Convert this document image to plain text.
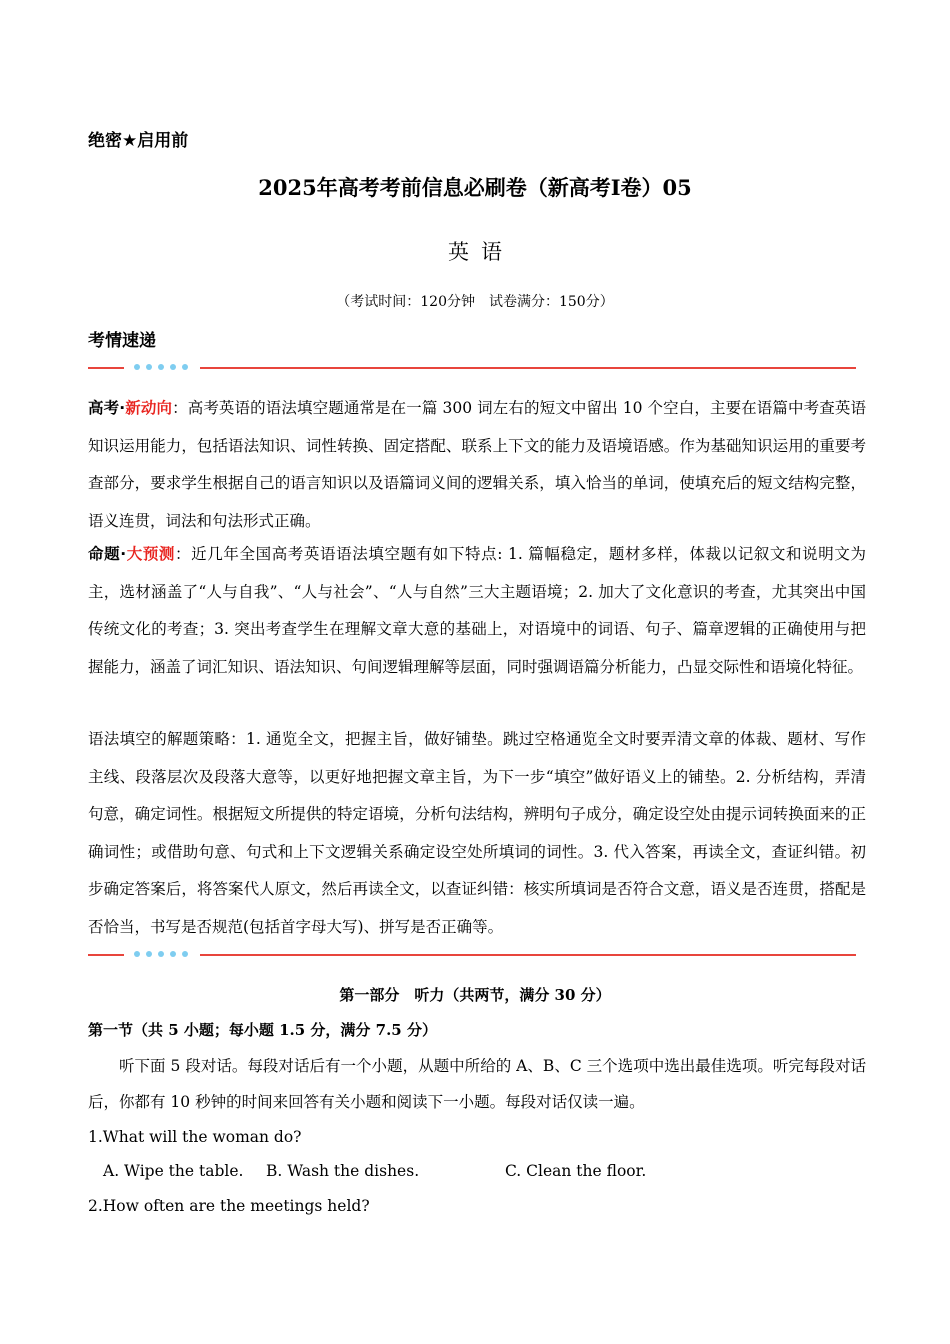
绝密★启用前
2025年高考考前信息必刷卷（新高考I卷）05
英语
（考试时间：120分钟　试卷满分：150分）
考情速递
高考·新动向：高考英语的语法填空题通常是在一篇 300 词左右的短文中留出 10 个空白，主要在语篇中考查英语知识运用能力，包括语法知识、词性转换、固定搭配、联系上下文的能力及语境语感。作为基础知识运用的重要考查部分，要求学生根据自己的语言知识以及语篇词义间的逻辑关系，填入恰当的单词，使填充后的短文结构完整，语义连贯，词法和句法形式正确。
命题·大预测：近几年全国高考英语语法填空题有如下特点: 1. 篇幅稳定，题材多样，体裁以记叙文和说明文为主，选材涵盖了“人与自我”、“人与社会”、“人与自然”三大主题语境；2. 加大了文化意识的考查，尤其突出中国传统文化的考查；3. 突出考查学生在理解文章大意的基础上，对语境中的词语、句子、篇章逻辑的正确使用与把握能力，涵盖了词汇知识、语法知识、句间逻辑理解等层面，同时强调语篇分析能力，凸显交际性和语境化特征。
语法填空的解题策略：1. 通览全文，把握主旨，做好铺垫。跳过空格通览全文时要弄清文章的体裁、题材、写作主线、段落层次及段落大意等，以更好地把握文章主旨，为下一步“填空”做好语义上的铺垫。2. 分析结构，弄清句意，确定词性。根据短文所提供的特定语境，分析句法结构，辨明句子成分，确定设空处由提示词转换面来的正确词性；或借助句意、句式和上下文逻辑关系确定设空处所填词的词性。3. 代入答案，再读全文，查证纠错。初步确定答案后，将答案代人原文，然后再读全文，以查证纠错：核实所填词是否符合文意，语义是否连贯，搭配是否恰当，书写是否规范(包括首字母大写)、拼写是否正确等。
第一部分　听力（共两节，满分 30 分）
第一节（共 5 小题；每小题 1.5 分，满分 7.5 分）
听下面 5 段对话。每段对话后有一个小题，从题中所给的 A、B、C 三个选项中选出最佳选项。听完每段对话后，你都有 10 秒钟的时间来回答有关小题和阅读下一小题。每段对话仅读一遍。
1.What will the woman do?
A. Wipe the table. B. Wash the dishes.	C. Clean the floor.
2.How often are the meetings held?
